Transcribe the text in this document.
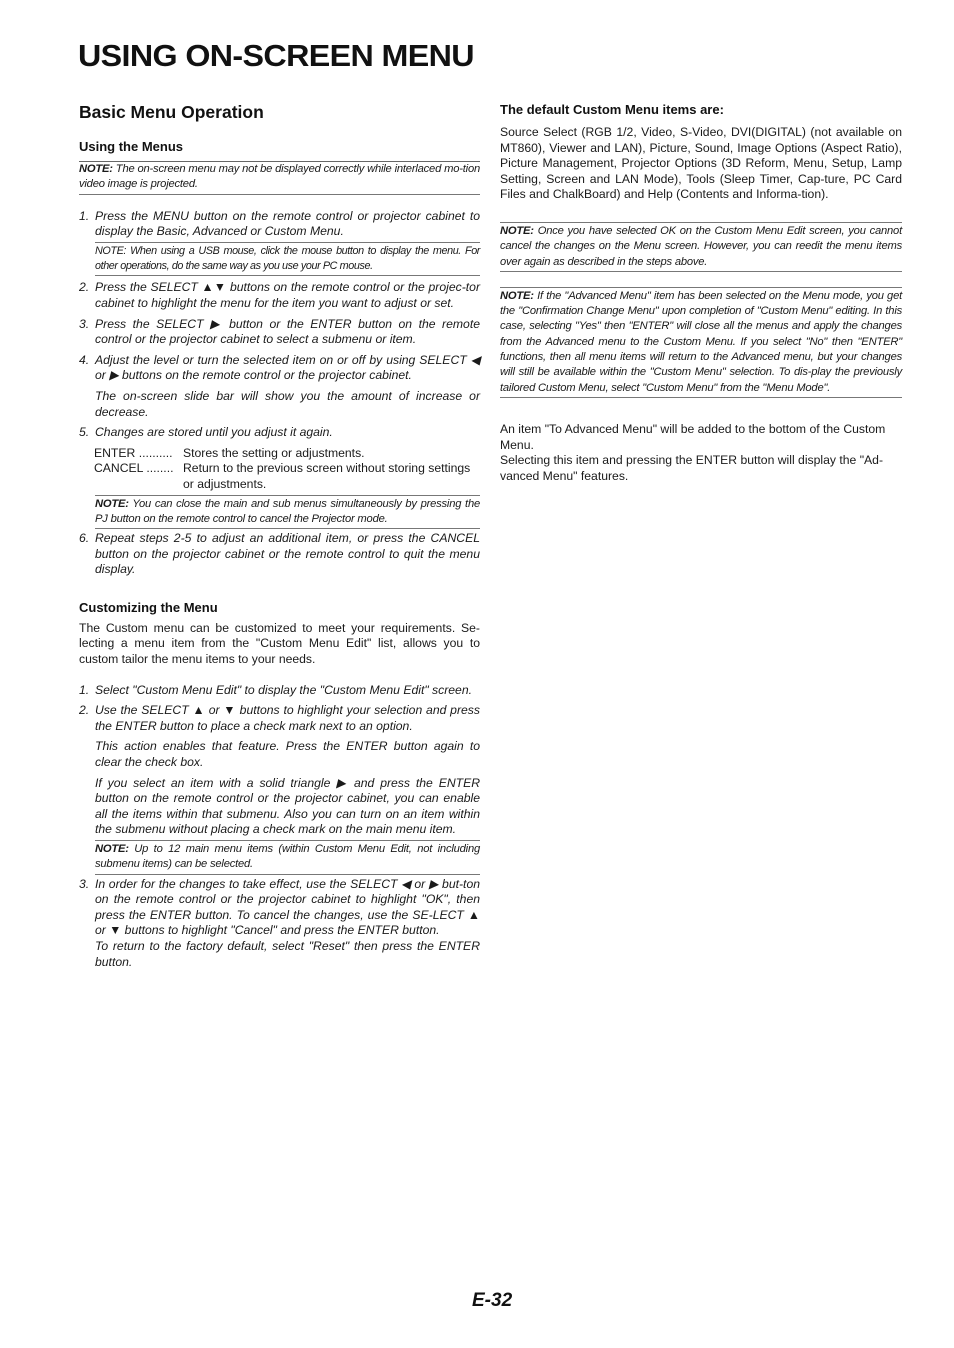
USING ON-SCREEN MENU
Basic Menu Operation
Using the Menus

NOTE: The on-screen menu may not be displayed correctly while interlaced mo-tion video image is projected.

1. Press the MENU button on the remote control or projector cabinet to display the Basic, Advanced or Custom Menu.

NOTE: When using a USB mouse, click the mouse button to display the menu. For other operations, do the same way as you use your PC mouse.

2. Press the SELECT ▲▼ buttons on the remote control or the projec-tor cabinet to highlight the menu for the item you want to adjust or set.
3. Press the SELECT ▶ button or the ENTER button on the remote control or the projector cabinet to select a submenu or item.
4. Adjust the level or turn the selected item on or off by using SELECT ◀ or ▶ buttons on the remote control or the projector cabinet.

The on-screen slide bar will show you the amount of increase or decrease.

5. Changes are stored until you adjust it again.
ENTER .......... Stores the setting or adjustments.
CANCEL ........ Return to the previous screen without storing settings or adjustments.

NOTE: You can close the main and sub menus simultaneously by pressing the PJ button on the remote control to cancel the Projector mode.

6. Repeat steps 2-5 to adjust an additional item, or press the CANCEL button on the projector cabinet or the remote control to quit the menu display.
Customizing the Menu

The Custom menu can be customized to meet your requirements. Se-lecting a menu item from the "Custom Menu Edit" list, allows you to custom tailor the menu items to your needs.

1. Select "Custom Menu Edit" to display the "Custom Menu Edit" screen.
2. Use the SELECT ▲ or ▼ buttons to highlight your selection and press the ENTER button to place a check mark next to an option.

This action enables that feature. Press the ENTER button again to clear the check box.

If you select an item with a solid triangle ▶ and press the ENTER button on the remote control or the projector cabinet, you can enable all the items within that submenu. Also you can turn on an item within the submenu without placing a check mark on the main menu item.

NOTE: Up to 12 main menu items (within Custom Menu Edit, not including submenu items) can be selected.

3. In order for the changes to take effect, use the SELECT ◀ or ▶ but-ton on the remote control or the projector cabinet to highlight "OK", then press the ENTER button. To cancel the changes, use the SE-LECT ▲ or ▼ buttons to highlight "Cancel" and press the ENTER button.

To return to the factory default, select "Reset" then press the ENTER button.

The default Custom Menu items are:

Source Select (RGB 1/2, Video, S-Video, DVI(DIGITAL) (not available on MT860), Viewer and LAN), Picture, Sound, Image Options (Aspect Ratio), Picture Management, Projector Options (3D Reform, Menu, Setup, Lamp Setting, Screen and LAN Mode), Tools (Sleep Timer, Cap-ture, PC Card Files and ChalkBoard) and Help (Contents and Informa-tion).

NOTE: Once you have selected OK on the Custom Menu Edit screen, you cannot cancel the changes on the Menu screen. However, you can reedit the menu items over again as described in the steps above.

NOTE: If the "Advanced Menu" item has been selected on the Menu mode, you get the "Confirmation Change Menu" upon completion of "Custom Menu" editing. In this case, selecting "Yes" then "ENTER" will close all the menus and apply the changes from the Advanced menu to the Custom Menu. If you select "No" then "ENTER" functions, then all menu items will return to the Advanced menu, but your changes will still be available within the "Custom Menu" selection. To dis-play the previously tailored Custom Menu, select "Custom Menu" from the "Menu Mode".

An item "To Advanced Menu" will be added to the bottom of the Custom Menu.

Selecting this item and pressing the ENTER button will display the "Ad-vanced Menu" features.

E-32
